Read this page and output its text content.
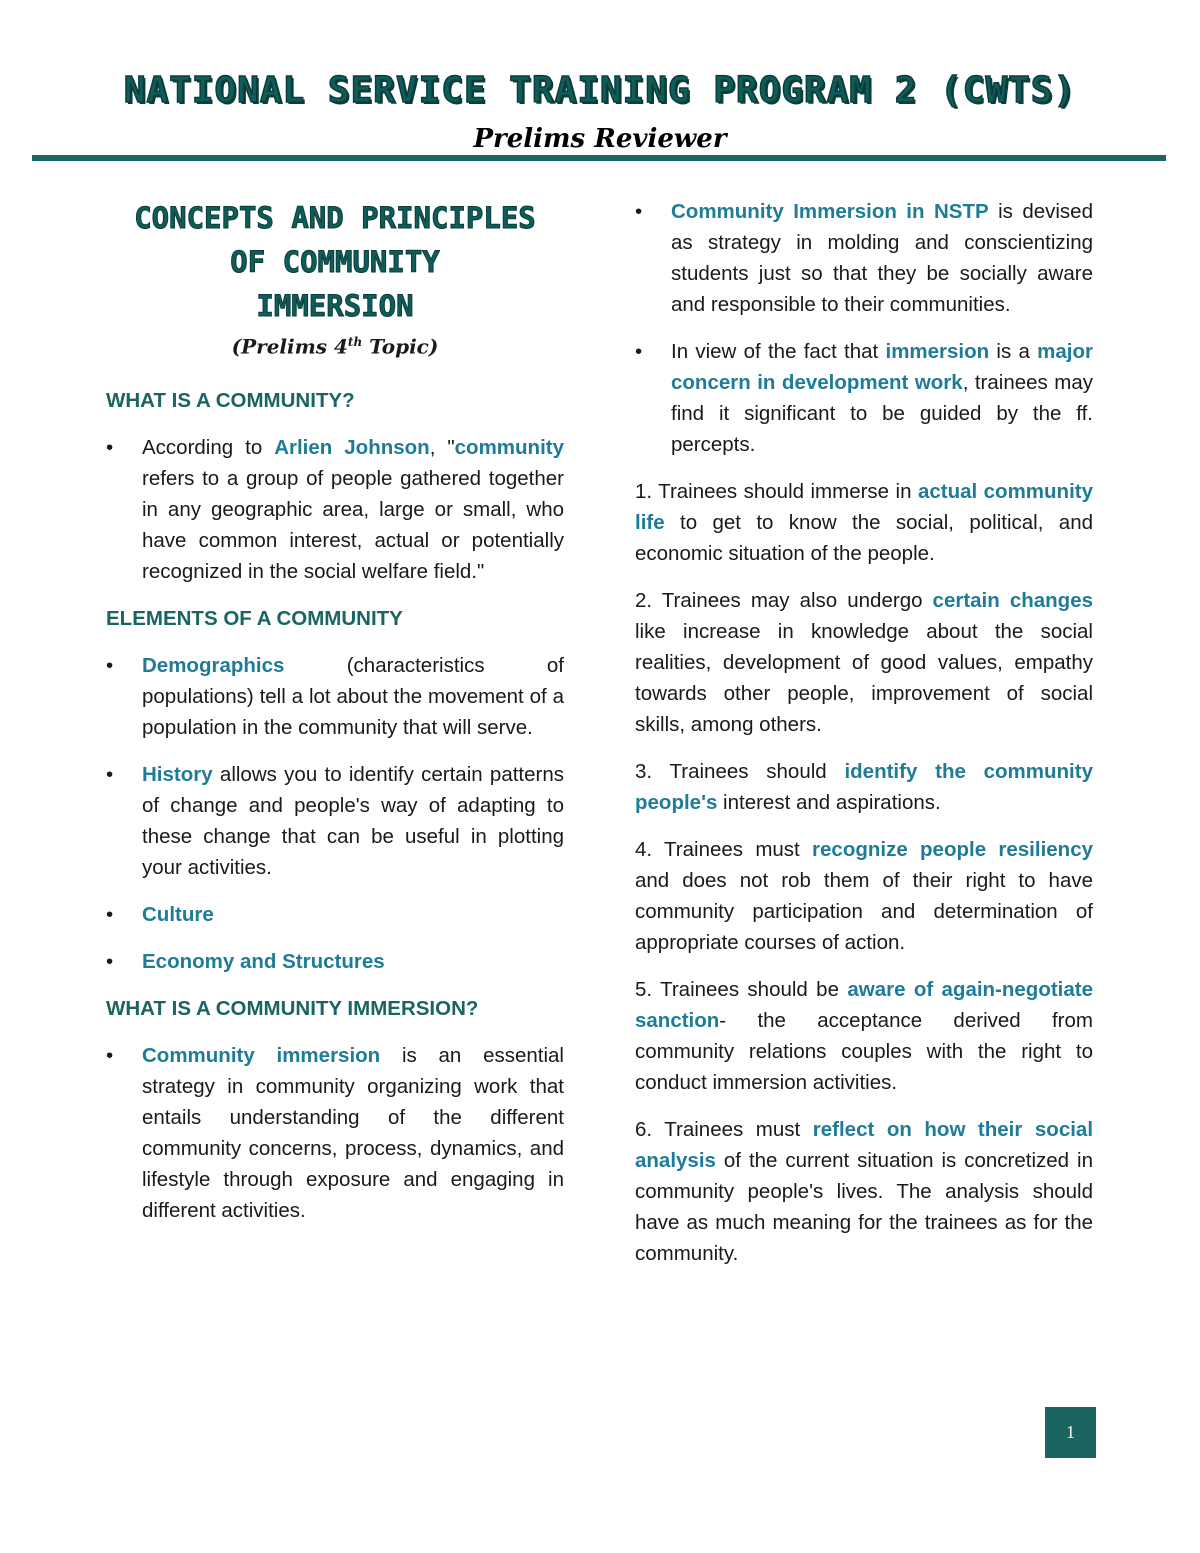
NATIONAL SERVICE TRAINING PROGRAM 2 (CWTS)
Prelims Reviewer
CONCEPTS AND PRINCIPLES
OF COMMUNITY
IMMERSION
(Prelims 4th Topic)
WHAT IS A COMMUNITY?
• According to Arlien Johnson, "community refers to a group of people gathered together in any geographic area, large or small, who have common interest, actual or potentially recognized in the social welfare field."
ELEMENTS OF A COMMUNITY
• Demographics (characteristics of populations) tell a lot about the movement of a population in the community that will serve.
• History allows you to identify certain patterns of change and people's way of adapting to these change that can be useful in plotting your activities.
• Culture
• Economy and Structures
WHAT IS A COMMUNITY IMMERSION?
• Community immersion is an essential strategy in community organizing work that entails understanding of the different community concerns, process, dynamics, and lifestyle through exposure and engaging in different activities.
• Community Immersion in NSTP is devised as strategy in molding and conscientizing students just so that they be socially aware and responsible to their communities.
• In view of the fact that immersion is a major concern in development work, trainees may find it significant to be guided by the ff. percepts.
1. Trainees should immerse in actual community life to get to know the social, political, and economic situation of the people.
2. Trainees may also undergo certain changes like increase in knowledge about the social realities, development of good values, empathy towards other people, improvement of social skills, among others.
3. Trainees should identify the community people's interest and aspirations.
4. Trainees must recognize people resiliency and does not rob them of their right to have community participation and determination of appropriate courses of action.
5. Trainees should be aware of again-negotiate sanction- the acceptance derived from community relations couples with the right to conduct immersion activities.
6. Trainees must reflect on how their social analysis of the current situation is concretized in community people's lives. The analysis should have as much meaning for the trainees as for the community.
1
